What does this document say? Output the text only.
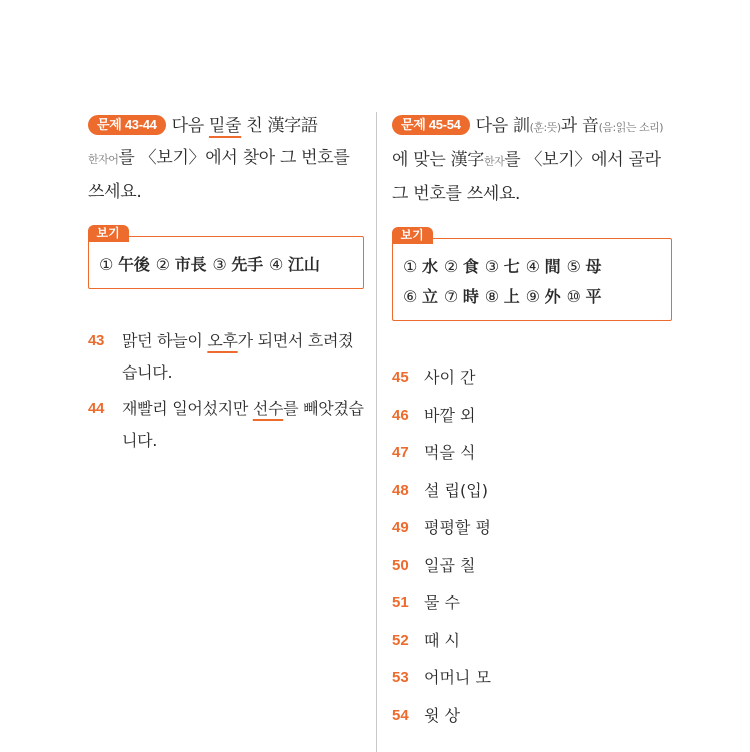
문제 43-44 다음 밑줄 친 漢字語
한자어를 〈보기〉에서 찾아 그 번호를 쓰세요.
보기
① 午後 ② 市長 ③ 先手 ④ 江山
43	맑던 하늘이 오후가 되면서 흐려졌습니다.
44	재빨리 일어섰지만 선수를 빼앗겼습니다.
문제 45-54 다음 訓(훈:뜻)과 音(음:읽는 소리)에 맞는 漢字한자를 〈보기〉에서 골라 그 번호를 쓰세요.
보기
① 水 ② 食 ③ 七 ④ 間 ⑤ 母
⑥ 立 ⑦ 時 ⑧ 上 ⑨ 外 ⑩ 平
45 사이 간
46 바깥 외
47 먹을 식
48 설 립(입)
49 평평할 평
50 일곱 칠
51 물 수
52 때 시
53 어머니 모
54 윗 상
